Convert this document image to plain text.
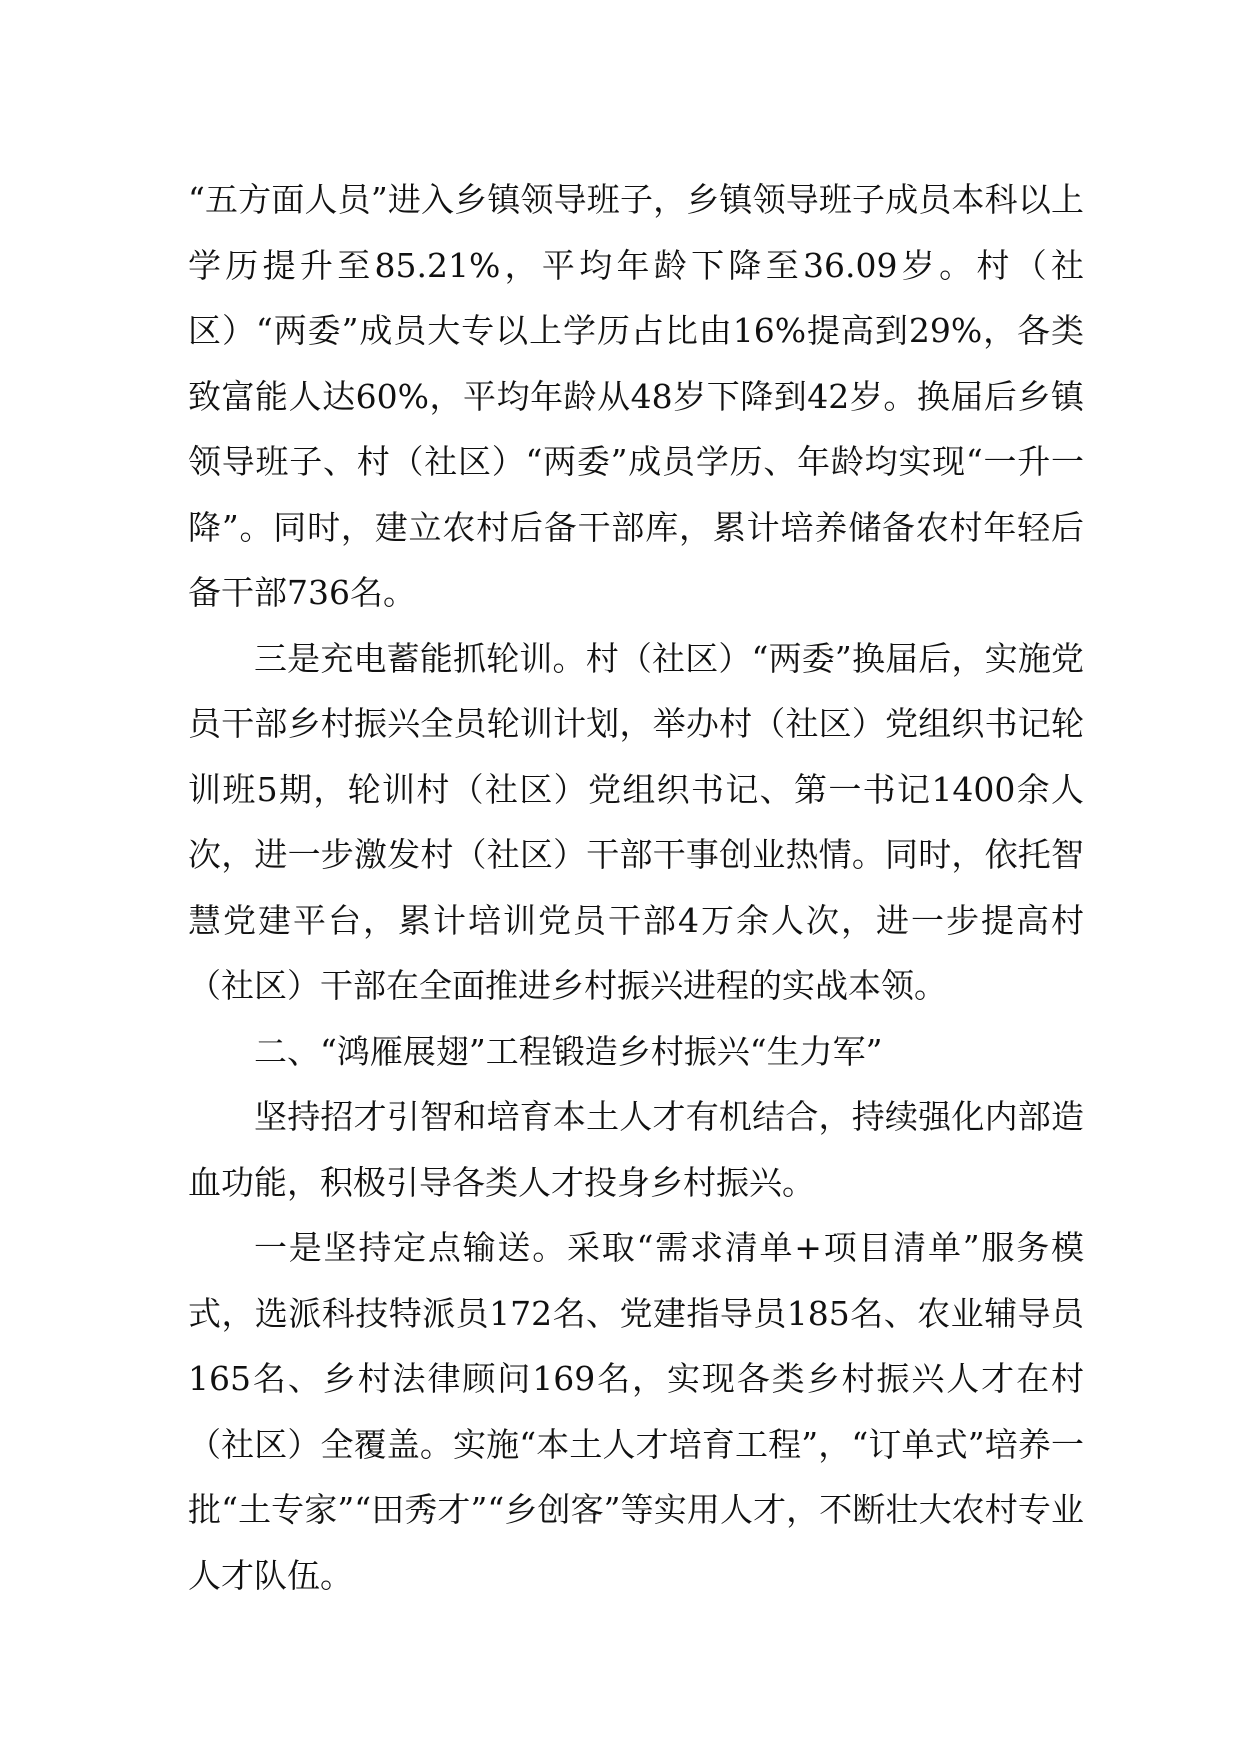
“五方面人员”进入乡镇领导班子，乡镇领导班子成员本科以上学历提升至85.21%，平均年龄下降至36.09岁。村（社区）“两委”成员大专以上学历占比由16%提高到29%，各类致富能人达60%，平均年龄从48岁下降到42岁。换届后乡镇领导班子、村（社区）“两委”成员学历、年龄均实现“一升一降”。同时，建立农村后备干部库，累计培养储备农村年轻后备干部736名。

三是充电蓄能抓轮训。村（社区）“两委”换届后，实施党员干部乡村振兴全员轮训计划，举办村（社区）党组织书记轮训班5期，轮训村（社区）党组织书记、第一书记1400余人次，进一步激发村（社区）干部干事创业热情。同时，依托智慧党建平台，累计培训党员干部4万余人次，进一步提高村（社区）干部在全面推进乡村振兴进程的实战本领。

二、“鸿雁展翅”工程锻造乡村振兴“生力军”

坚持招才引智和培育本土人才有机结合，持续强化内部造血功能，积极引导各类人才投身乡村振兴。

一是坚持定点输送。采取“需求清单+项目清单”服务模式，选派科技特派员172名、党建指导员185名、农业辅导员165名、乡村法律顾问169名，实现各类乡村振兴人才在村（社区）全覆盖。实施“本土人才培育工程”，“订单式”培养一批“土专家”“田秀才”“乡创客”等实用人才，不断壮大农村专业人才队伍。
